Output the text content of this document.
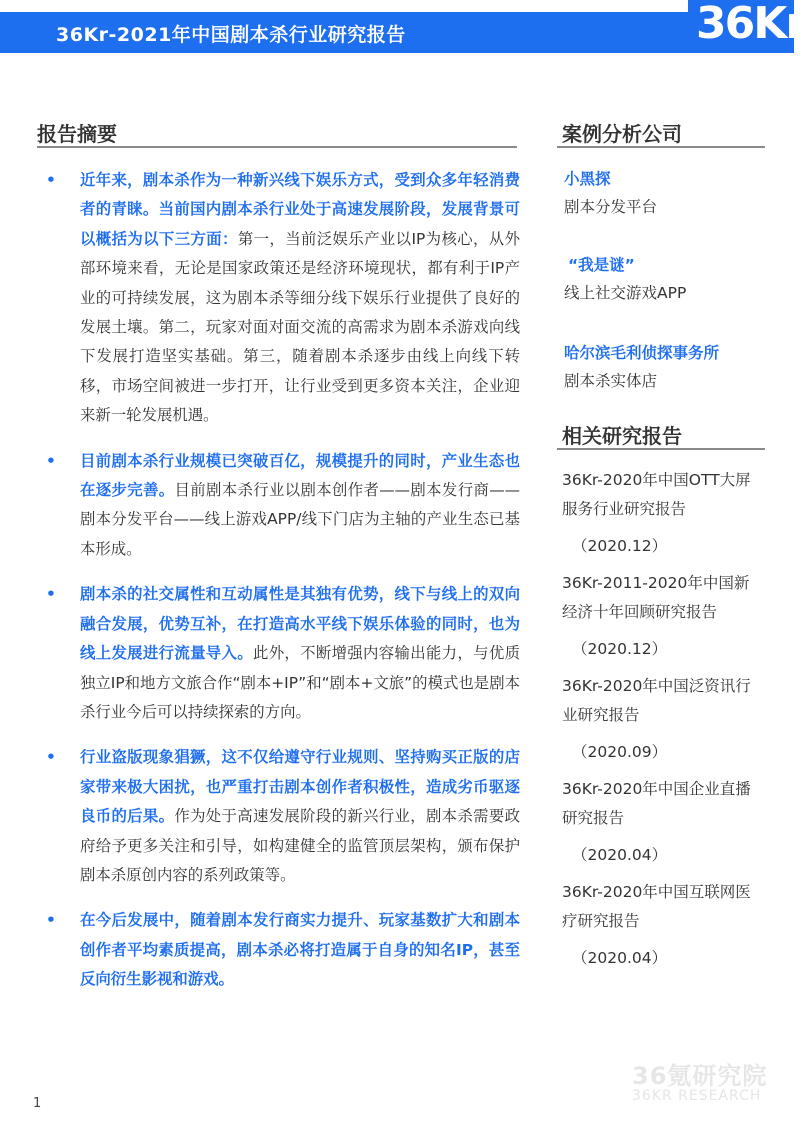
36Kr-2021年中国剧本杀行业研究报告	36Kr
报告摘要
• 近年来，剧本杀作为一种新兴线下娱乐方式，受到众多年轻消费者的青睐。当前国内剧本杀行业处于高速发展阶段，发展背景可以概括为以下三方面：第一，当前泛娱乐产业以IP为核心，从外部环境来看，无论是国家政策还是经济环境现状，都有利于IP产业的可持续发展，这为剧本杀等细分线下娱乐行业提供了良好的发展土壤。第二，玩家对面对面交流的高需求为剧本杀游戏向线下发展打造坚实基础。第三，随着剧本杀逐步由线上向线下转移，市场空间被进一步打开，让行业受到更多资本关注，企业迎来新一轮发展机遇。
• 目前剧本杀行业规模已突破百亿，规模提升的同时，产业生态也在逐步完善。目前剧本杀行业以剧本创作者——剧本发行商——剧本分发平台——线上游戏APP/线下门店为主轴的产业生态已基本形成。
• 剧本杀的社交属性和互动属性是其独有优势，线下与线上的双向融合发展，优势互补，在打造高水平线下娱乐体验的同时，也为线上发展进行流量导入。此外，不断增强内容输出能力，与优质独立IP和地方文旅合作“剧本+IP”和“剧本+文旅”的模式也是剧本杀行业今后可以持续探索的方向。
• 行业盗版现象猖獗，这不仅给遵守行业规则、坚持购买正版的店家带来极大困扰，也严重打击剧本创作者积极性，造成劣币驱逐良币的后果。作为处于高速发展阶段的新兴行业，剧本杀需要政府给予更多关注和引导，如构建健全的监管顶层架构，颁布保护剧本杀原创内容的系列政策等。
• 在今后发展中，随着剧本发行商实力提升、玩家基数扩大和剧本创作者平均素质提高，剧本杀必将打造属于自身的知名IP，甚至反向衍生影视和游戏。
案例分析公司
小黑探
剧本分发平台
“我是谜”
线上社交游戏APP
哈尔滨毛利侦探事务所
剧本杀实体店
相关研究报告
36Kr-2020年中国OTT大屏服务行业研究报告
（2020.12）
36Kr-2011-2020年中国新经济十年回顾研究报告
（2020.12）
36Kr-2020年中国泛资讯行业研究报告
（2020.09）
36Kr-2020年中国企业直播研究报告
（2020.04）
36Kr-2020年中国互联网医疗研究报告
（2020.04）
36氪研究院
36KR RESEARCH
1
